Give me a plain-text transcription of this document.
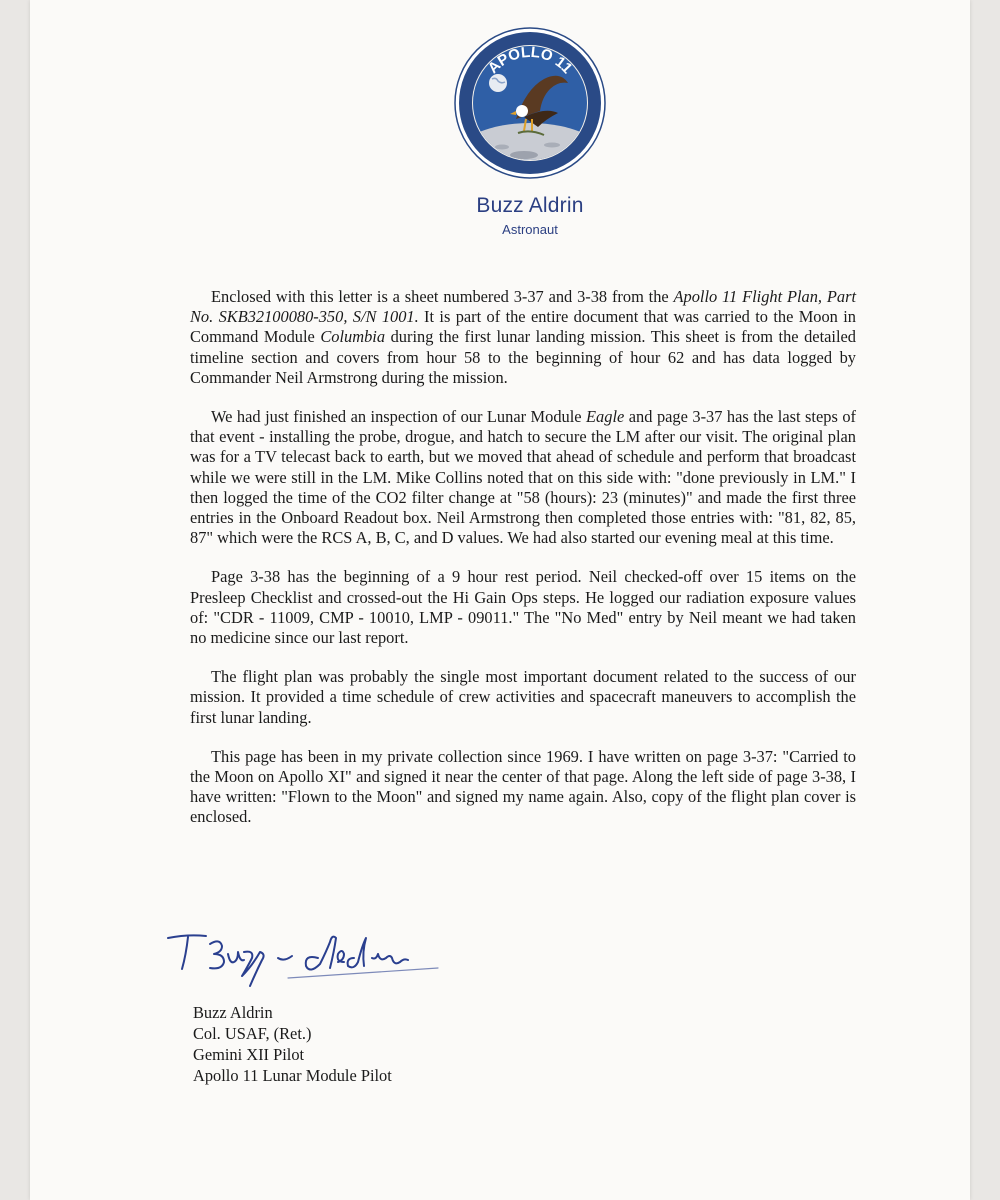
APOLLO 11
Buzz Aldrin
Astronaut

Enclosed with this letter is a sheet numbered 3-37 and 3-38 from the Apollo 11 Flight Plan, Part No. SKB32100080-350, S/N 1001. It is part of the entire document that was carried to the Moon in Command Module Columbia during the first lunar landing mission. This sheet is from the detailed timeline section and covers from hour 58 to the beginning of hour 62 and has data logged by Commander Neil Armstrong during the mission.

We had just finished an inspection of our Lunar Module Eagle and page 3-37 has the last steps of that event - installing the probe, drogue, and hatch to secure the LM after our visit. The original plan was for a TV telecast back to earth, but we moved that ahead of schedule and perform that broadcast while we were still in the LM. Mike Collins noted that on this side with: "done previously in LM." I then logged the time of the CO2 filter change at "58 (hours): 23 (minutes)" and made the first three entries in the Onboard Readout box. Neil Armstrong then completed those entries with: "81, 82, 85, 87" which were the RCS A, B, C, and D values. We had also started our evening meal at this time.

Page 3-38 has the beginning of a 9 hour rest period. Neil checked-off over 15 items on the Presleep Checklist and crossed-out the Hi Gain Ops steps. He logged our radiation exposure values of: "CDR - 11009, CMP - 10010, LMP - 09011." The "No Med" entry by Neil meant we had taken no medicine since our last report.

The flight plan was probably the single most important document related to the success of our mission. It provided a time schedule of crew activities and spacecraft maneuvers to accomplish the first lunar landing.

This page has been in my private collection since 1969. I have written on page 3-37: "Carried to the Moon on Apollo XI" and signed it near the center of that page. Along the left side of page 3-38, I have written: "Flown to the Moon" and signed my name again. Also, copy of the flight plan cover is enclosed.

Buzz Aldrin
Col. USAF, (Ret.)
Gemini XII Pilot
Apollo 11 Lunar Module Pilot
